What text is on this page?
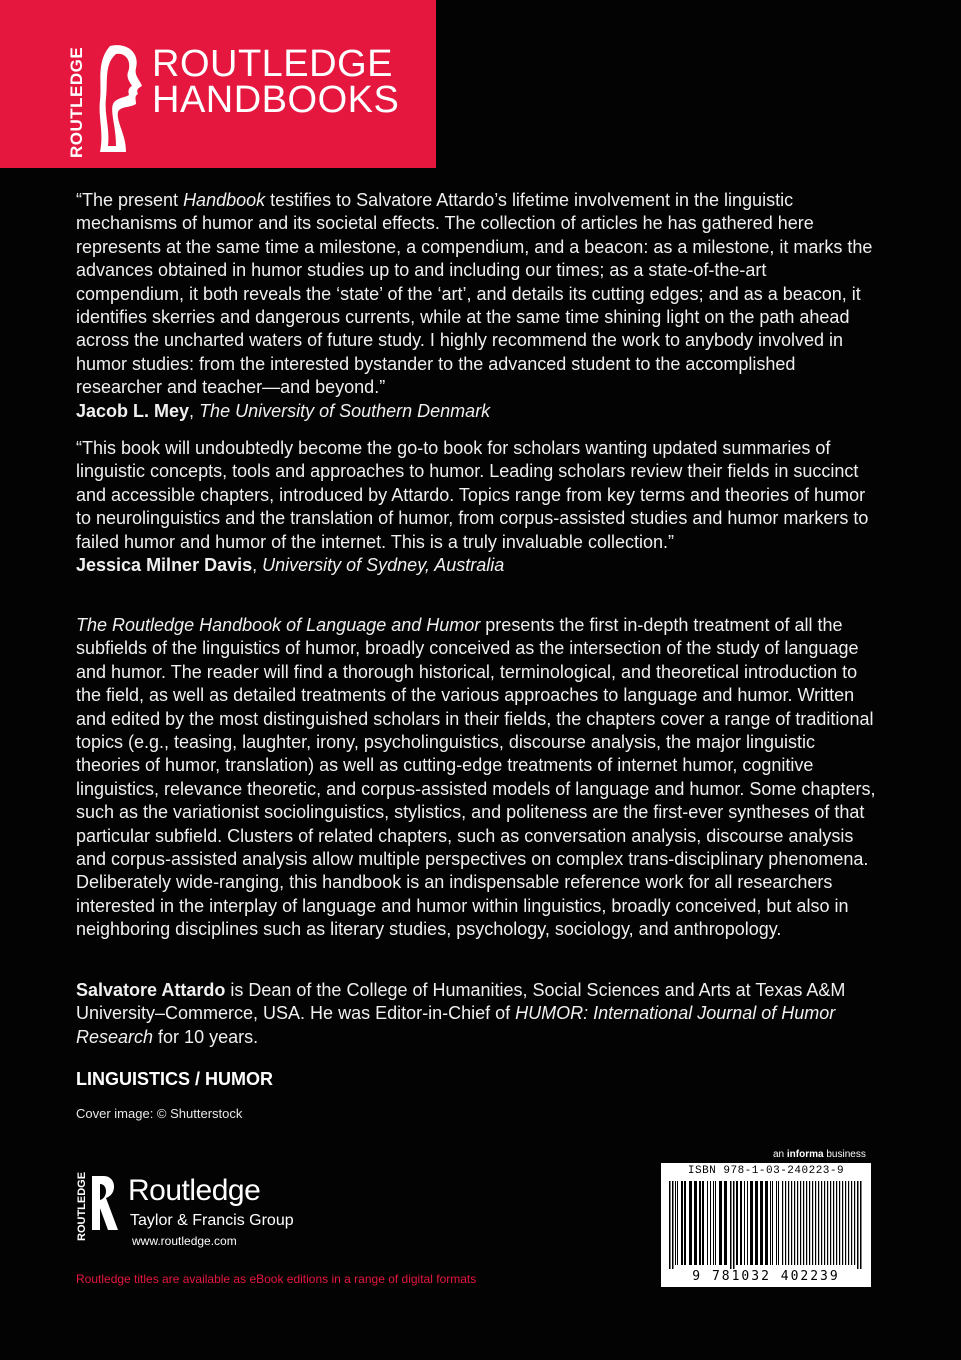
ROUTLEDGE ROUTLEDGE
HANDBOOKS

“The present Handbook testifies to Salvatore Attardo’s lifetime involvement in the linguistic mechanisms of humor and its societal effects. The collection of articles he has gathered here represents at the same time a milestone, a compendium, and a beacon: as a milestone, it marks the advances obtained in humor studies up to and including our times; as a state-of-the-art compendium, it both reveals the ‘state’ of the ‘art’, and details its cutting edges; and as a beacon, it identifies skerries and dangerous currents, while at the same time shining light on the path ahead across the uncharted waters of future study. I highly recommend the work to anybody involved in humor studies: from the interested bystander to the advanced student to the accomplished researcher and teacher—and beyond.”

Jacob L. Mey, The University of Southern Denmark

“This book will undoubtedly become the go-to book for scholars wanting updated summaries of linguistic concepts, tools and approaches to humor. Leading scholars review their fields in succinct and accessible chapters, introduced by Attardo. Topics range from key terms and theories of humor to neurolinguistics and the translation of humor, from corpus-assisted studies and humor markers to failed humor and humor of the internet. This is a truly invaluable collection.”

Jessica Milner Davis, University of Sydney, Australia

The Routledge Handbook of Language and Humor presents the first in-depth treatment of all the subfields of the linguistics of humor, broadly conceived as the intersection of the study of language and humor. The reader will find a thorough historical, terminological, and theoretical introduction to the field, as well as detailed treatments of the various approaches to language and humor. Written and edited by the most distinguished scholars in their fields, the chapters cover a range of traditional topics (e.g., teasing, laughter, irony, psycholinguistics, discourse analysis, the major linguistic theories of humor, translation) as well as cutting-edge treatments of internet humor, cognitive linguistics, relevance theoretic, and corpus-assisted models of language and humor. Some chapters, such as the variationist sociolinguistics, stylistics, and politeness are the first-ever syntheses of that particular subfield. Clusters of related chapters, such as conversation analysis, discourse analysis and corpus-assisted analysis allow multiple perspectives on complex trans-disciplinary phenomena. Deliberately wide-ranging, this handbook is an indispensable reference work for all researchers interested in the interplay of language and humor within linguistics, broadly conceived, but also in neighboring disciplines such as literary studies, psychology, sociology, and anthropology.

Salvatore Attardo is Dean of the College of Humanities, Social Sciences and Arts at Texas A&M University–Commerce, USA. He was Editor-in-Chief of HUMOR: International Journal of Humor Research for 10 years.

LINGUISTICS / HUMOR
Cover image: © Shutterstock
ROUTLEDGE Routledge
Taylor & Francis Group
www.routledge.com
Routledge titles are available as eBook editions in a range of digital formats
an informa business
ISBN 978-1-03-240223-9
9 781032 402239
